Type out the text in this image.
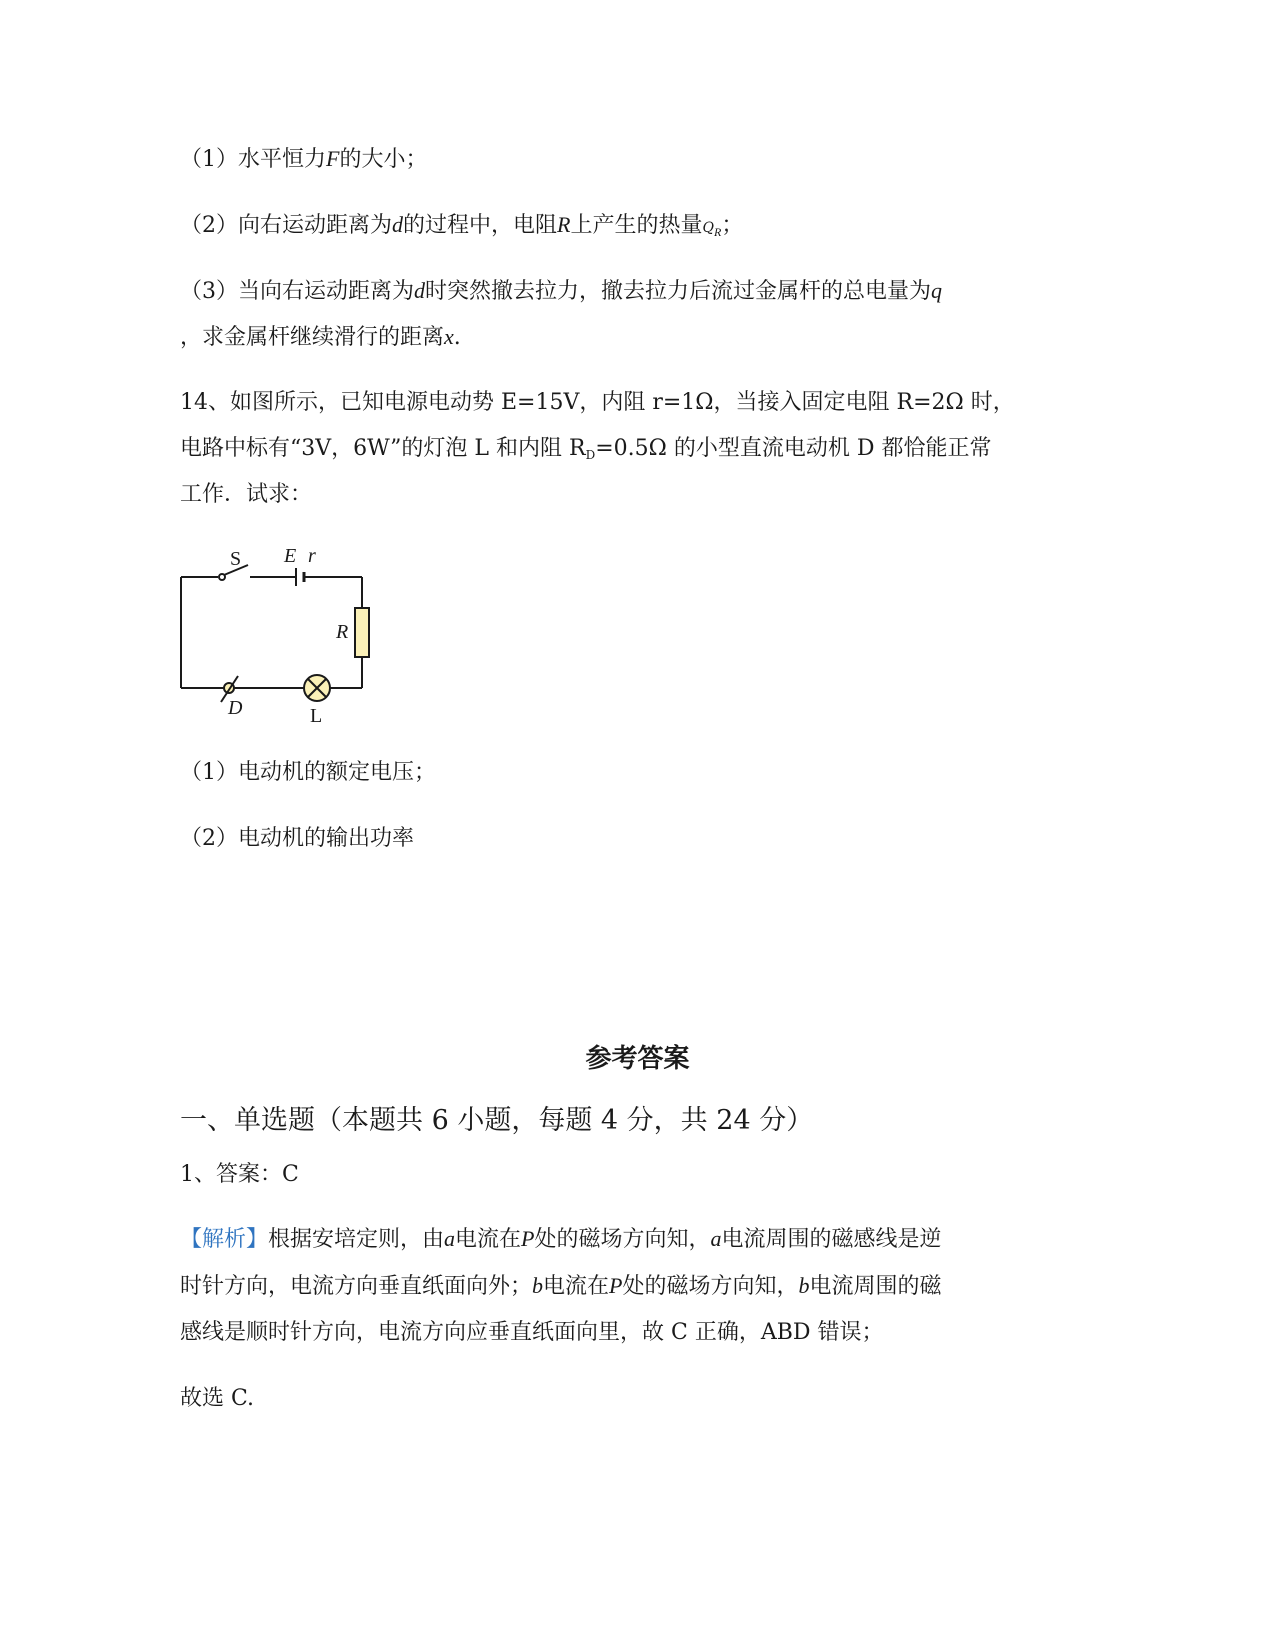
（1）水平恒力F的大小；
（2）向右运动距离为d的过程中，电阻R上产生的热量$Q_R$；
（3）当向右运动距离为d时突然撤去拉力，撤去拉力后流过金属杆的总电量为q
，求金属杆继续滑行的距离x.
14、如图所示，已知电源电动势 E=15V，内阻 r=1Ω，当接入固定电阻 R=2Ω 时，
电路中标有“3V，6W”的灯泡 L 和内阻 $R_D=0.5\Omega$ 的小型直流电动机 D 都恰能正常
工作．试求：
S E r
R
D	L
（1）电动机的额定电压；
（2）电动机的输出功率
参考答案
一、单选题（本题共 6 小题，每题 4 分，共 24 分）
1、答案：C
【解析】根据安培定则，由a电流在P处的磁场方向知，a电流周围的磁感线是逆
时针方向，电流方向垂直纸面向外；b电流在P处的磁场方向知，b电流周围的磁
感线是顺时针方向，电流方向应垂直纸面向里，故 C 正确，ABD 错误；
故选 C.
